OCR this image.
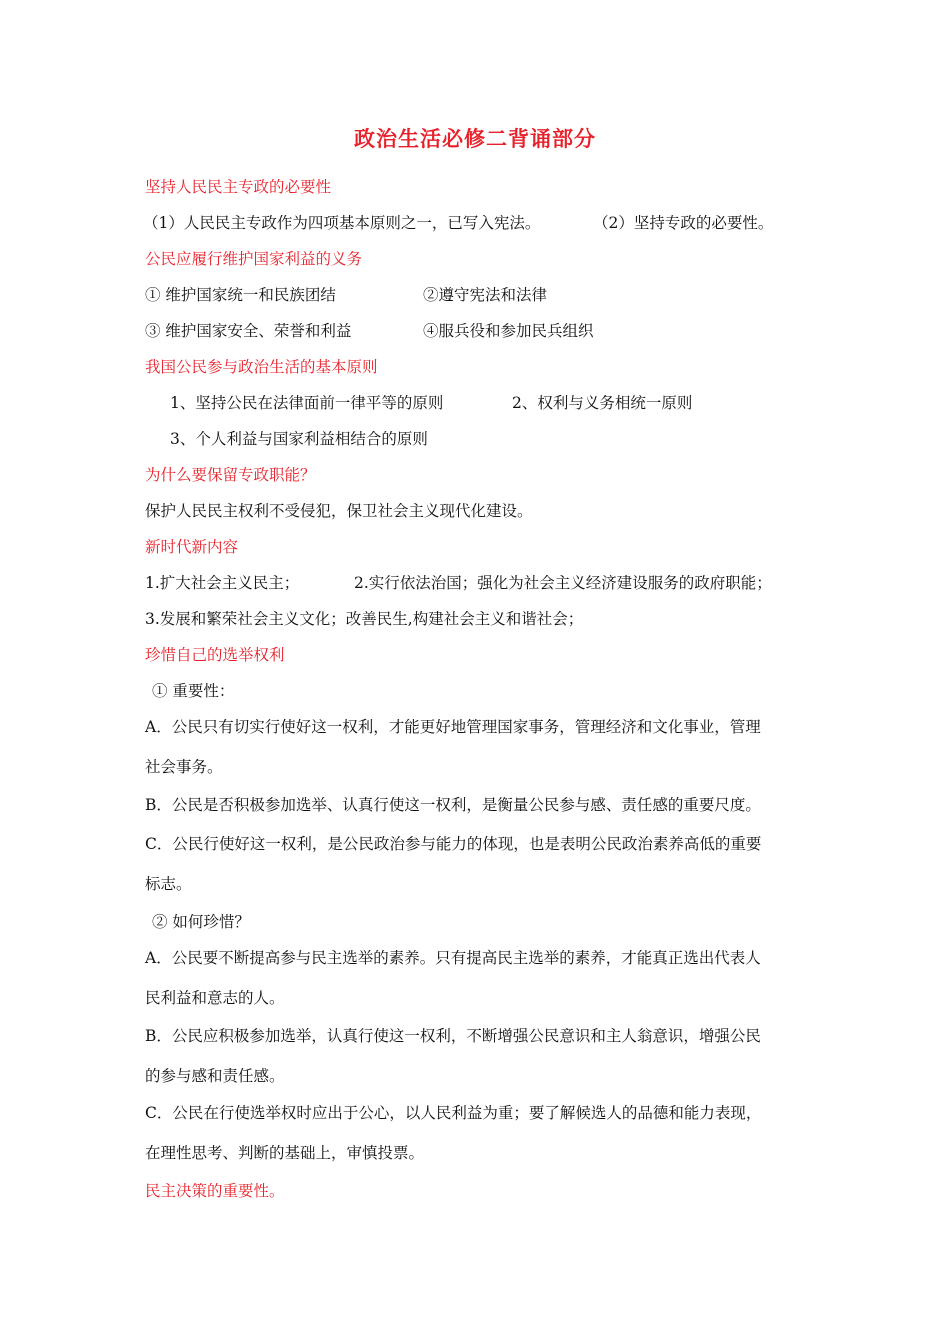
政治生活必修二背诵部分
坚持人民民主专政的必要性
（1）人民民主专政作为四项基本原则之一，已写入宪法。	（2）坚持专政的必要性。
公民应履行维护国家利益的义务
① 维护国家统一和民族团结	②遵守宪法和法律
③ 维护国家安全、荣誉和利益	④服兵役和参加民兵组织
我国公民参与政治生活的基本原则
1、坚持公民在法律面前一律平等的原则	2、权利与义务相统一原则
3、个人利益与国家利益相结合的原则
为什么要保留专政职能？
保护人民民主权利不受侵犯，保卫社会主义现代化建设。
新时代新内容
1.扩大社会主义民主；	2.实行依法治国；强化为社会主义经济建设服务的政府职能；
3.发展和繁荣社会主义文化；改善民生,构建社会主义和谐社会；
珍惜自己的选举权利
① 重要性：
A．公民只有切实行使好这一权利，才能更好地管理国家事务，管理经济和文化事业，管理
社会事务。
B．公民是否积极参加选举、认真行使这一权利，是衡量公民参与感、责任感的重要尺度。
C．公民行使好这一权利，是公民政治参与能力的体现，也是表明公民政治素养高低的重要
标志。
② 如何珍惜？
A．公民要不断提高参与民主选举的素养。只有提高民主选举的素养，才能真正选出代表人
民利益和意志的人。
B．公民应积极参加选举，认真行使这一权利，不断增强公民意识和主人翁意识，增强公民
的参与感和责任感。
C．公民在行使选举权时应出于公心，以人民利益为重；要了解候选人的品德和能力表现，
在理性思考、判断的基础上，审慎投票。
民主决策的重要性。
